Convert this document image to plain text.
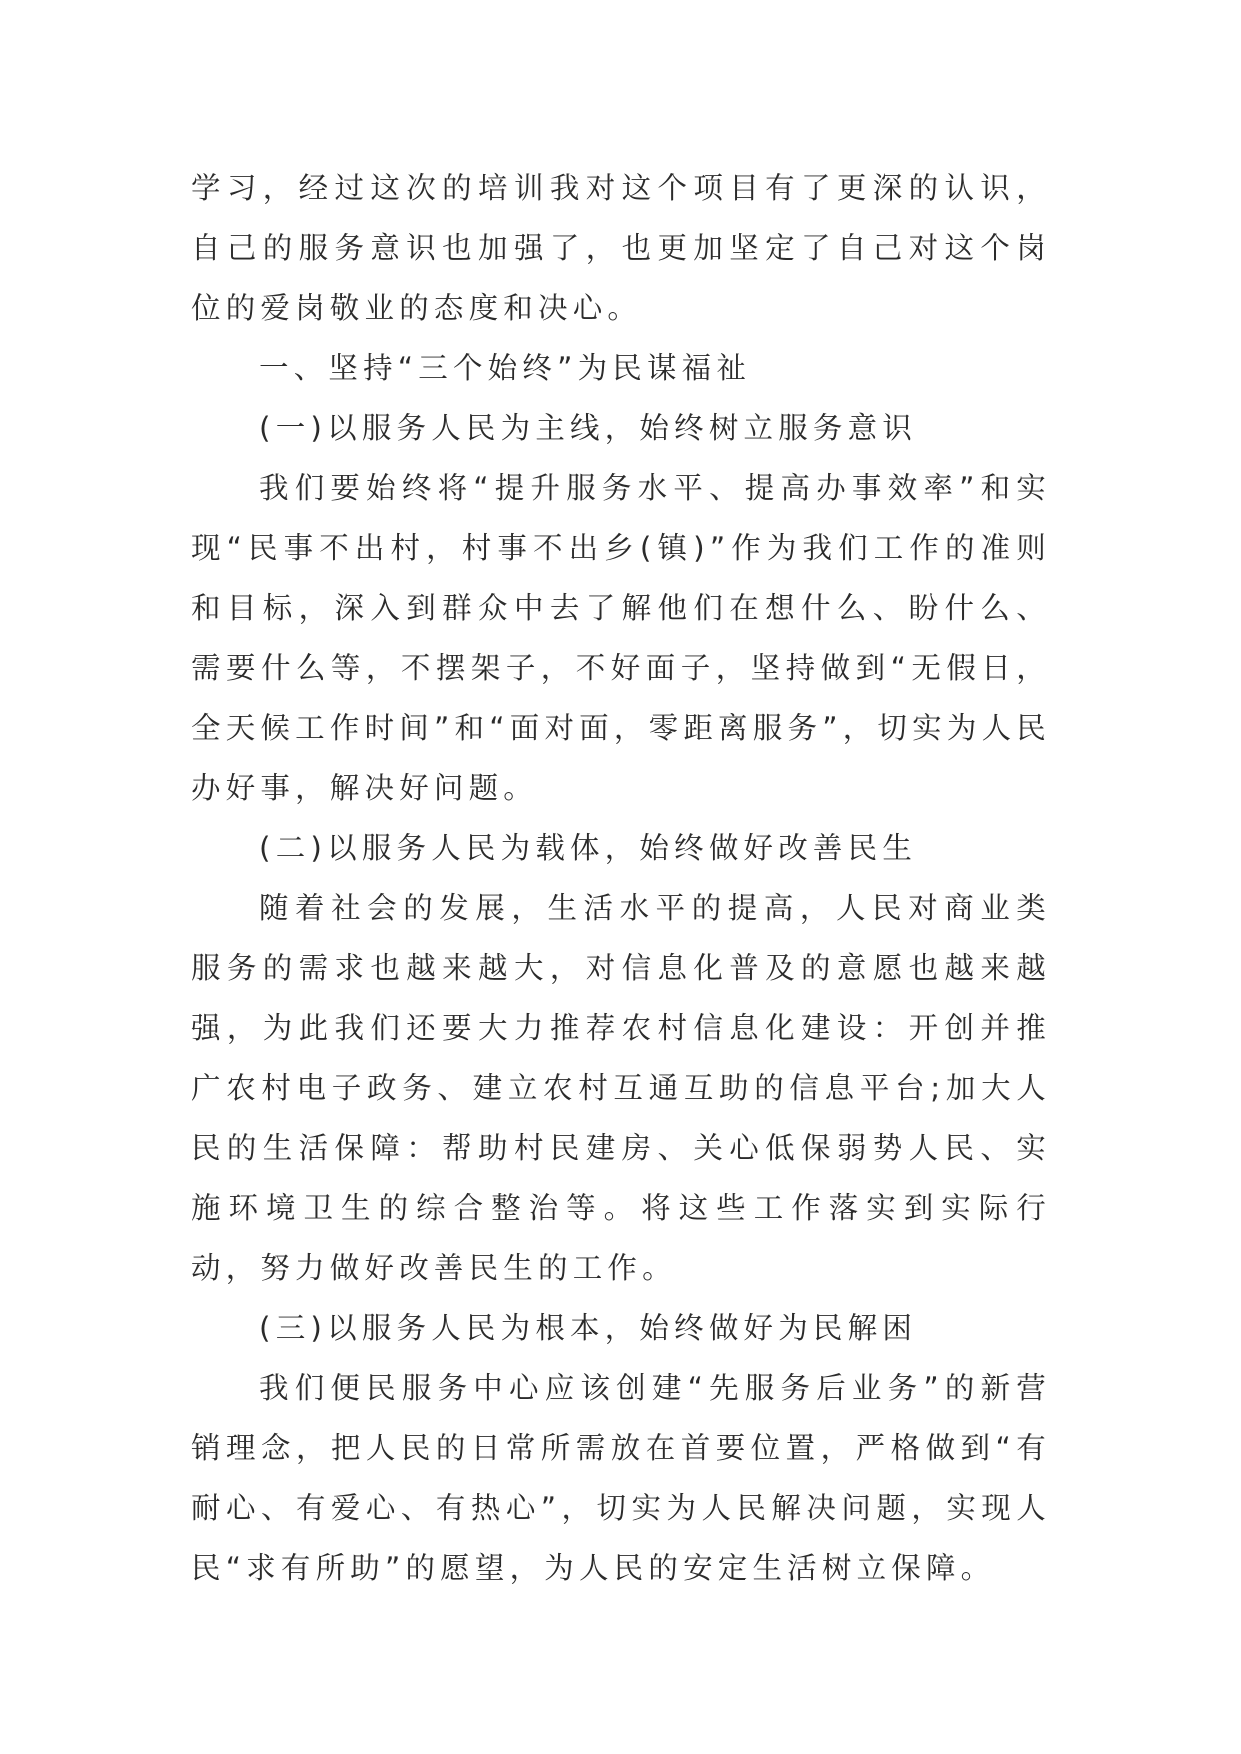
学习，经过这次的培训我对这个项目有了更深的认识，自己的服务意识也加强了，也更加坚定了自己对这个岗位的爱岗敬业的态度和决心。

一、坚持“三个始终”为民谋福祉

(一)以服务人民为主线，始终树立服务意识

我们要始终将“提升服务水平、提高办事效率”和实现“民事不出村，村事不出乡(镇)”作为我们工作的准则和目标，深入到群众中去了解他们在想什么、盼什么、需要什么等，不摆架子，不好面子，坚持做到“无假日，全天候工作时间”和“面对面，零距离服务”，切实为人民办好事，解决好问题。

(二)以服务人民为载体，始终做好改善民生

随着社会的发展，生活水平的提高，人民对商业类服务的需求也越来越大，对信息化普及的意愿也越来越强，为此我们还要大力推荐农村信息化建设：开创并推广农村电子政务、建立农村互通互助的信息平台;加大人民的生活保障：帮助村民建房、关心低保弱势人民、实施环境卫生的综合整治等。将这些工作落实到实际行动，努力做好改善民生的工作。

(三)以服务人民为根本，始终做好为民解困

我们便民服务中心应该创建“先服务后业务”的新营销理念，把人民的日常所需放在首要位置，严格做到“有耐心、有爱心、有热心”，切实为人民解决问题，实现人民“求有所助”的愿望，为人民的安定生活树立保障。
